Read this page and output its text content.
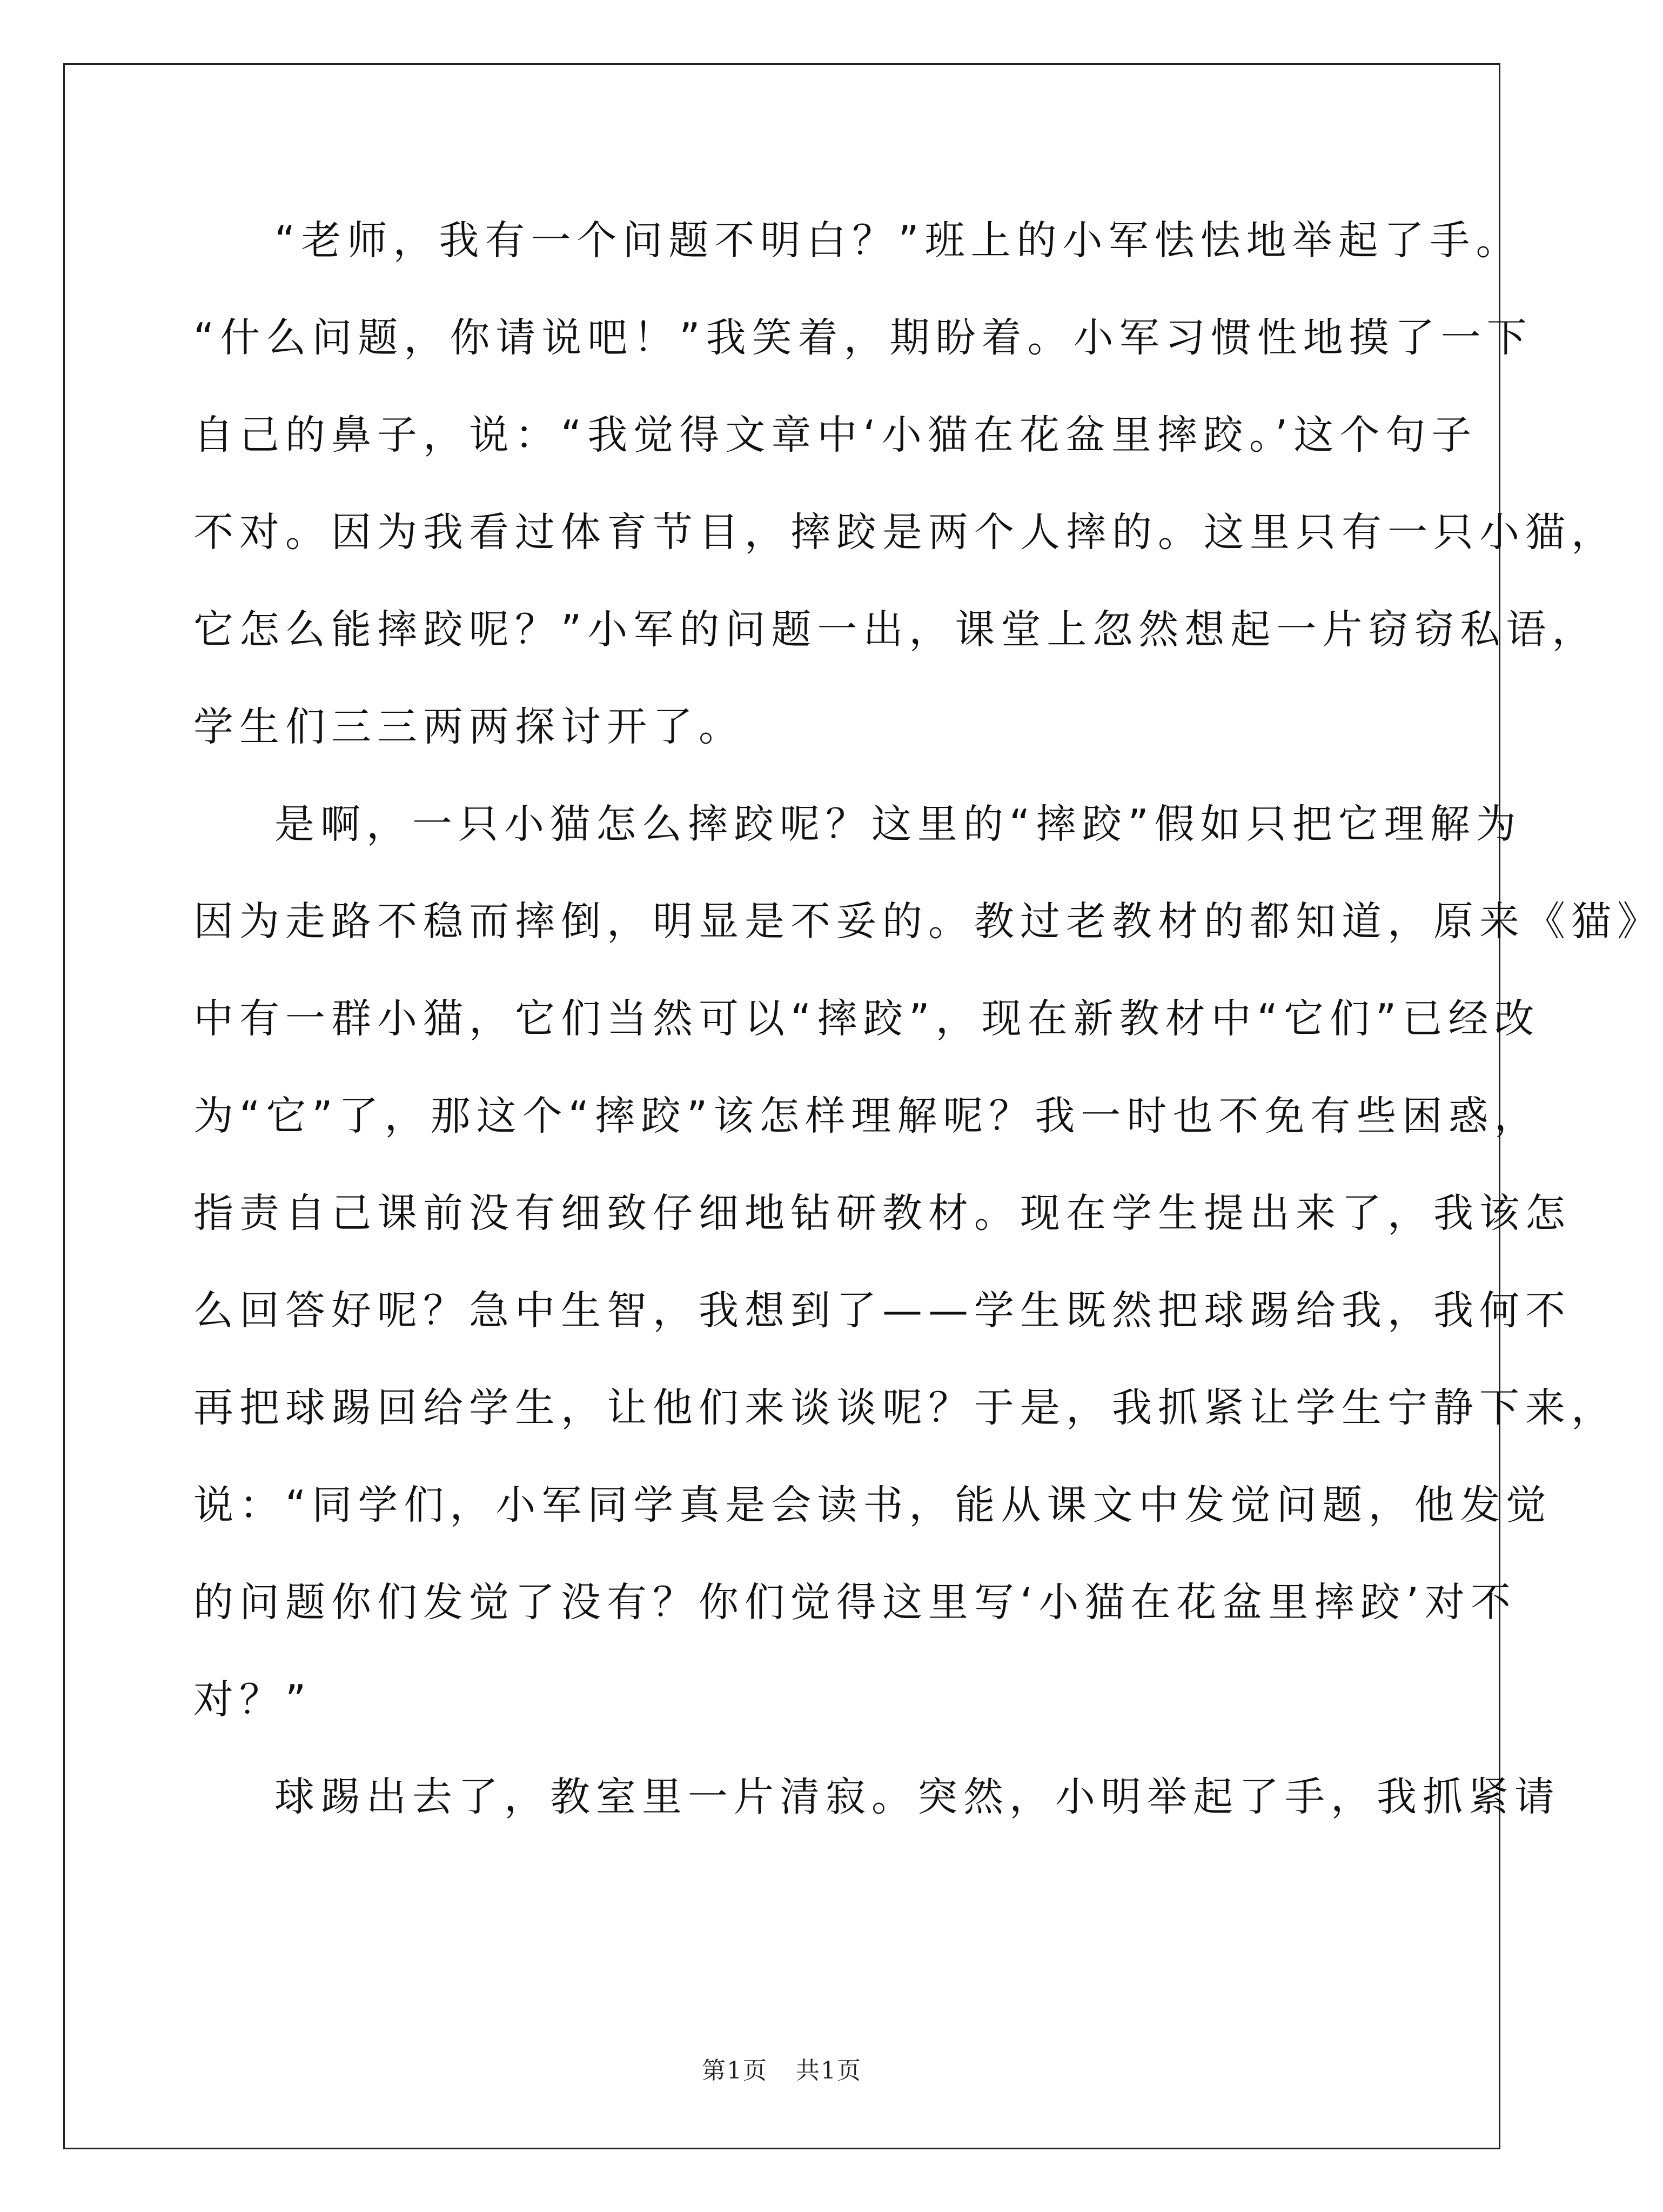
“老师，我有一个问题不明白？”班上的小军怯怯地举起了手。
“什么问题，你请说吧！”我笑着，期盼着。小军习惯性地摸了一下
自己的鼻子，说：“我觉得文章中‘小猫在花盆里摔跤。’这个句子
不对。因为我看过体育节目，摔跤是两个人摔的。这里只有一只小猫，
它怎么能摔跤呢？”小军的问题一出，课堂上忽然想起一片窃窃私语，
学生们三三两两探讨开了。
是啊，一只小猫怎么摔跤呢？这里的“摔跤”假如只把它理解为
因为走路不稳而摔倒，明显是不妥的。教过老教材的都知道，原来《猫》
中有一群小猫，它们当然可以“摔跤”，现在新教材中“它们”已经改
为“它”了，那这个“摔跤”该怎样理解呢？我一时也不免有些困惑，
指责自己课前没有细致仔细地钻研教材。现在学生提出来了，我该怎
么回答好呢？急中生智，我想到了——学生既然把球踢给我，我何不
再把球踢回给学生，让他们来谈谈呢？于是，我抓紧让学生宁静下来，
说：“同学们，小军同学真是会读书，能从课文中发觉问题，他发觉
的问题你们发觉了没有？你们觉得这里写‘小猫在花盆里摔跤’对不
对？”
球踢出去了，教室里一片清寂。突然，小明举起了手，我抓紧请
第1页 共1页
